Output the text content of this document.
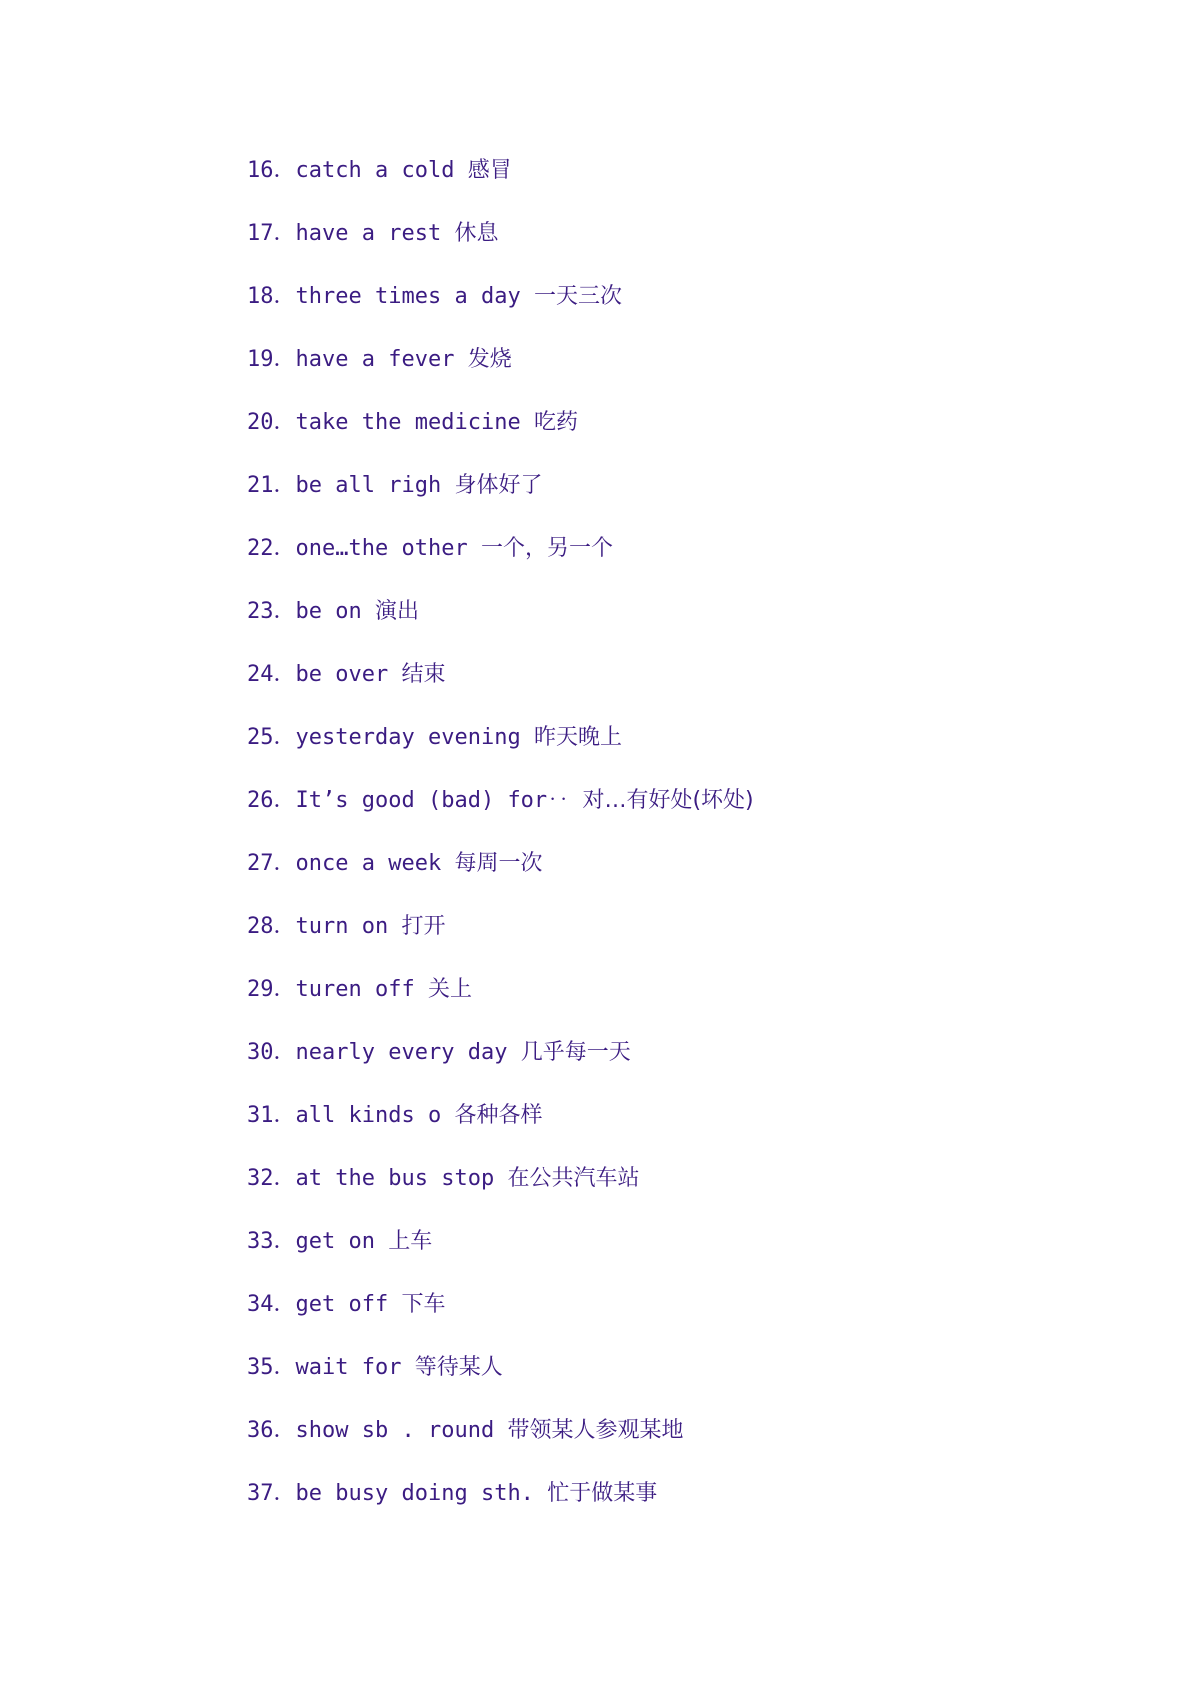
16．catch a cold 感冒
17．have a rest 休息
18．three times a day 一天三次
19．have a fever 发烧
20．take the medicine 吃药
21．be all righ 身体好了
22．one…the other 一个，另一个
23．be on 演出
24．be over 结束
25．yesterday evening 昨天晚上
26．It’s good (bad) for‥ 对…有好处(坏处)
27．once a week 每周一次
28．turn on 打开
29．turen off 关上
30．nearly every day 几乎每一天
31．all kinds o 各种各样
32．at the bus stop 在公共汽车站
33．get on 上车
34．get off 下车
35．wait for 等待某人
36．show sb . round 带领某人参观某地
37．be busy doing sth. 忙于做某事
